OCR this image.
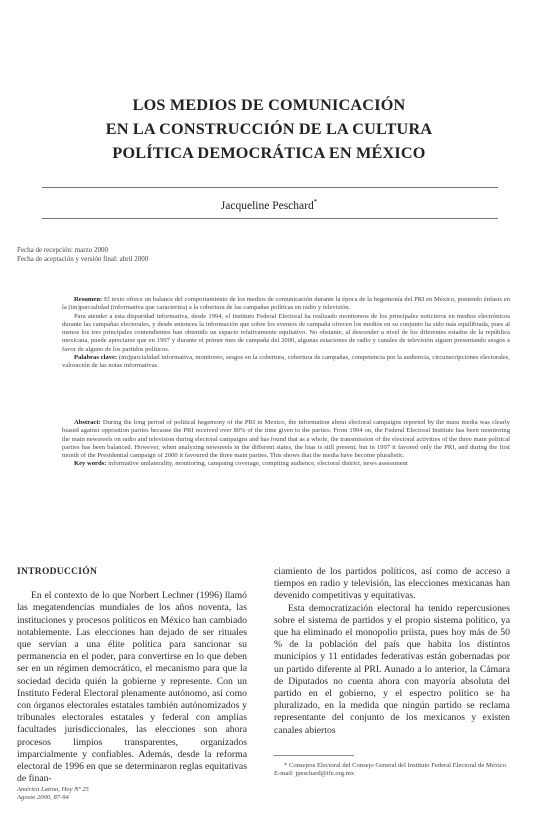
LOS MEDIOS DE COMUNICACIÓN
EN LA CONSTRUCCIÓN DE LA CULTURA
POLÍTICA DEMOCRÁTICA EN MÉXICO
Jacqueline Peschard*
Fecha de recepción: marzo 2000
Fecha de aceptación y versión final: abril 2000

Resumen: El texto ofrece un balance del comportamiento de los medios de comunicación durante la época de la hegemonía del PRI en México, poniendo énfasis en la (im)parcialidad (informativa que caracteriza) a la cobertura de las campañas políticas en radio y televisión.

Para atender a esta disparidad informativa, desde 1994, el Instituto Federal Electoral ha realizado monitoreos de los principales noticieros en medios electrónicos durante las campañas electorales, y desde entonces la información que sobre los eventos de campaña ofrecen los medios en su conjunto ha sido más equilibrada, pues al menos los tres principales contendientes han obtenido un espacio relativamente equitativo. No obstante, al descender a nivel de los diferentes estados de la república mexicana, puede apreciarse que en 1997 y durante el primer mes de campaña del 2000, algunas estaciones de radio y canales de televisión siguen presentando sesgos a favor de alguno de los partidos políticos.

Palabras clave: (im)parcialidad informativa, monitoreo, sesgos en la cobertura, cobertura de campañas, competencia por la audiencia, circunscripciones electorales, valoración de las notas informativas.

Abstract: During the long period of political hegemony of the PRI in Mexico, the information about electoral campaigns reported by the mass media was clearly biased against opposition parties because the PRI received over 80% of the time given to the parties. From 1994 on, the Federal Electoral Institute has been monitoring the main newsreels on radio and television during electoral campaigns and has found that as a whole, the transmission of the electoral activities of the three main political parties has been balanced. However, when analyzing newsreels in the different states, the bias is still present, but in 1997 it favored only the PRI, and during the first month of the Presidential campaign of 2000 it favoured the three main parties. This shows that the media have become pluralistic.

Key words: informative unilaterality, monitoring, campaing coverage, compiting audience, electoral district, news assessment

INTRODUCCIÓN

En el contexto de lo que Norbert Lechner (1996) llamó las megatendencias mundiales de los años noventa, las instituciones y procesos políticos en México han cambiado notablemente. Las elecciones han dejado de ser rituales que servían a una élite política para sancionar su permanencia en el poder, para convertirse en lo que deben ser en un régimen democrático, el mecanismo para que la sociedad decida quién la gobierne y represente. Con un Instituto Federal Electoral plenamente autónomo, así como con órganos electorales estatales también autónomizados y tribunales electorales estatales y federal con amplias facultades jurisdiccionales, las elecciones son ahora procesos limpios transparentes, organizados imparcialmente y confiables. Además, desde la reforma electoral de 1996 en que se determinaron reglas equitativas de finan-

ciamiento de los partidos políticos, así como de acceso a tiempos en radio y televisión, las elecciones mexicanas han devenido competitivas y equitativas.

Esta democratización electoral ha tenido repercusiones sobre el sistema de partidos y el propio sistema político, ya que ha eliminado el monopolio priista, pues hoy más de 50 % de la población del país que habita los distintos municipios y 11 entidades federativas están gobernadas por un partido diferente al PRI. Aunado a lo anterior, la Cámara de Diputados no cuenta ahora con mayoría absoluta del partido en el gobierno, y el espectro político se ha pluralizado, en la medida que ningún partido se reclama representante del conjunto de los mexicanos y existen canales abiertos

* Consejera Electoral del Consejo General del Instituto Federal Electoral de México. E-mail: jpeschard@ife.org.mx
América Latina, Hoy Nº 25
Agosto 2000, 87-94
